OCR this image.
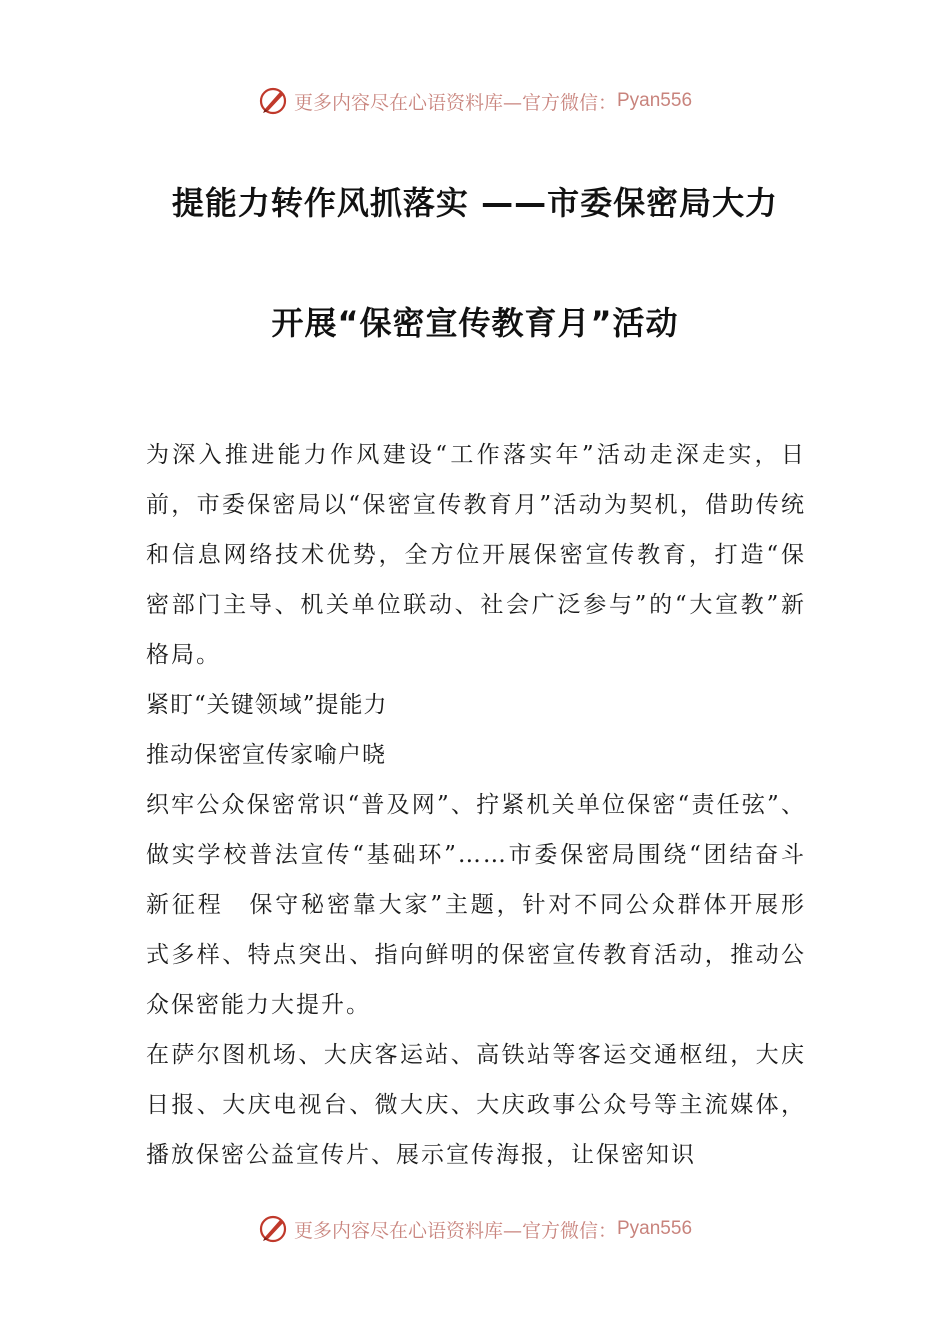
更多内容尽在心语资料库—官方微信： Pyan556
提能力转作风抓落实 ——市委保密局大力
开展“保密宣传教育月”活动

为深入推进能力作风建设“工作落实年”活动走深走实，日前，市委保密局以“保密宣传教育月”活动为契机，借助传统和信息网络技术优势，全方位开展保密宣传教育，打造“保密部门主导、机关单位联动、社会广泛参与”的“大宣教”新格局。

紧盯“关键领域”提能力

推动保密宣传家喻户晓

织牢公众保密常识“普及网”、拧紧机关单位保密“责任弦”、做实学校普法宣传“基础环”……市委保密局围绕“团结奋斗新征程　保守秘密靠大家”主题，针对不同公众群体开展形式多样、特点突出、指向鲜明的保密宣传教育活动，推动公众保密能力大提升。

在萨尔图机场、大庆客运站、高铁站等客运交通枢纽，大庆日报、大庆电视台、微大庆、大庆政事公众号等主流媒体，播放保密公益宣传片、展示宣传海报，让保密知识

更多内容尽在心语资料库—官方微信： Pyan556
